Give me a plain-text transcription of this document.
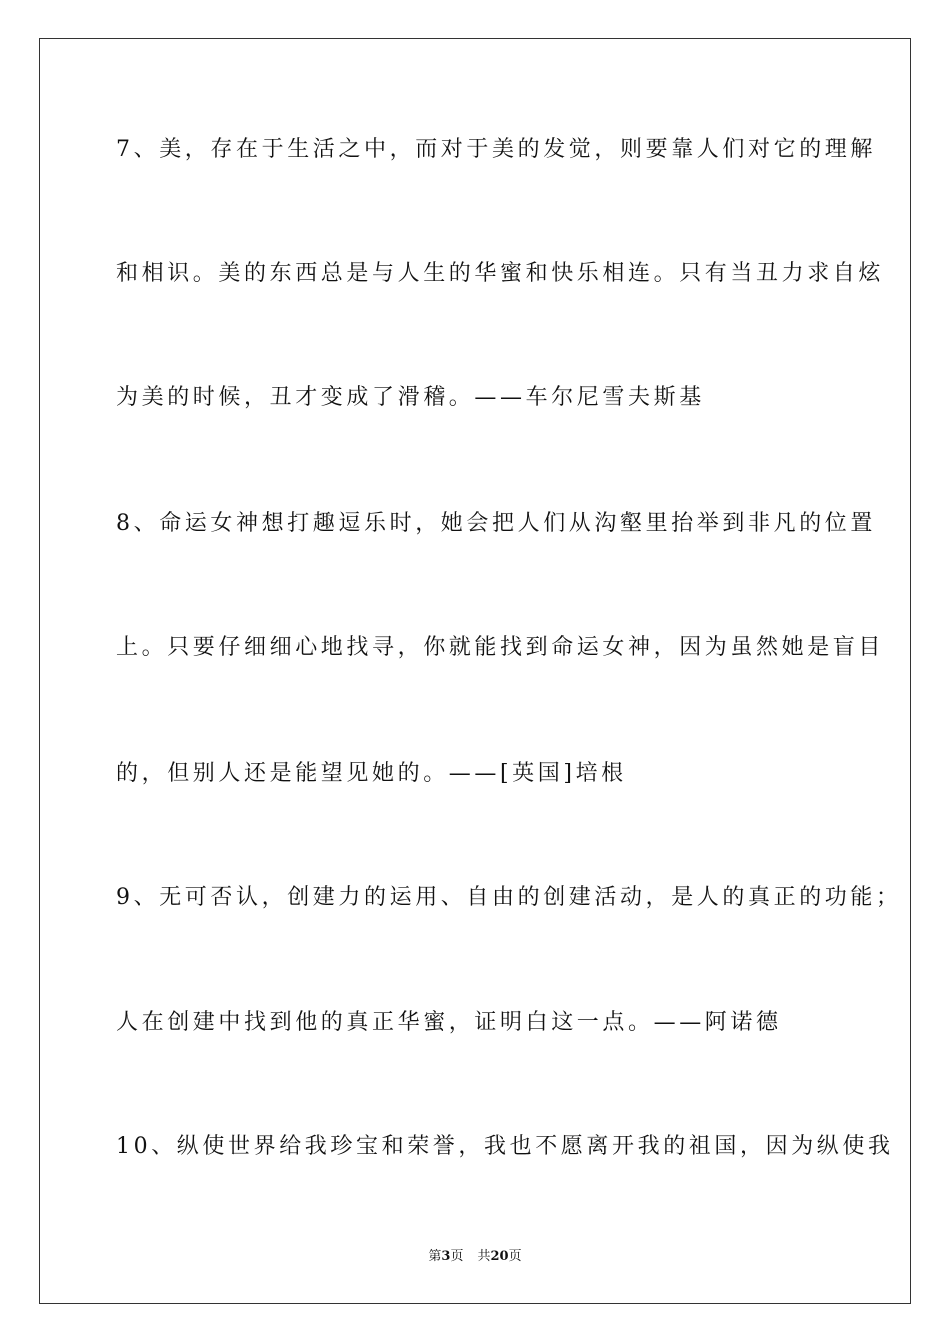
7、美，存在于生活之中，而对于美的发觉，则要靠人们对它的理解
和相识。美的东西总是与人生的华蜜和快乐相连。只有当丑力求自炫
为美的时候，丑才变成了滑稽。——车尔尼雪夫斯基
8、命运女神想打趣逗乐时，她会把人们从沟壑里抬举到非凡的位置
上。只要仔细细心地找寻，你就能找到命运女神，因为虽然她是盲目
的，但别人还是能望见她的。——[英国]培根
9、无可否认，创建力的运用、自由的创建活动，是人的真正的功能；
人在创建中找到他的真正华蜜，证明白这一点。——阿诺德
10、纵使世界给我珍宝和荣誉，我也不愿离开我的祖国，因为纵使我
第3页 共20页
